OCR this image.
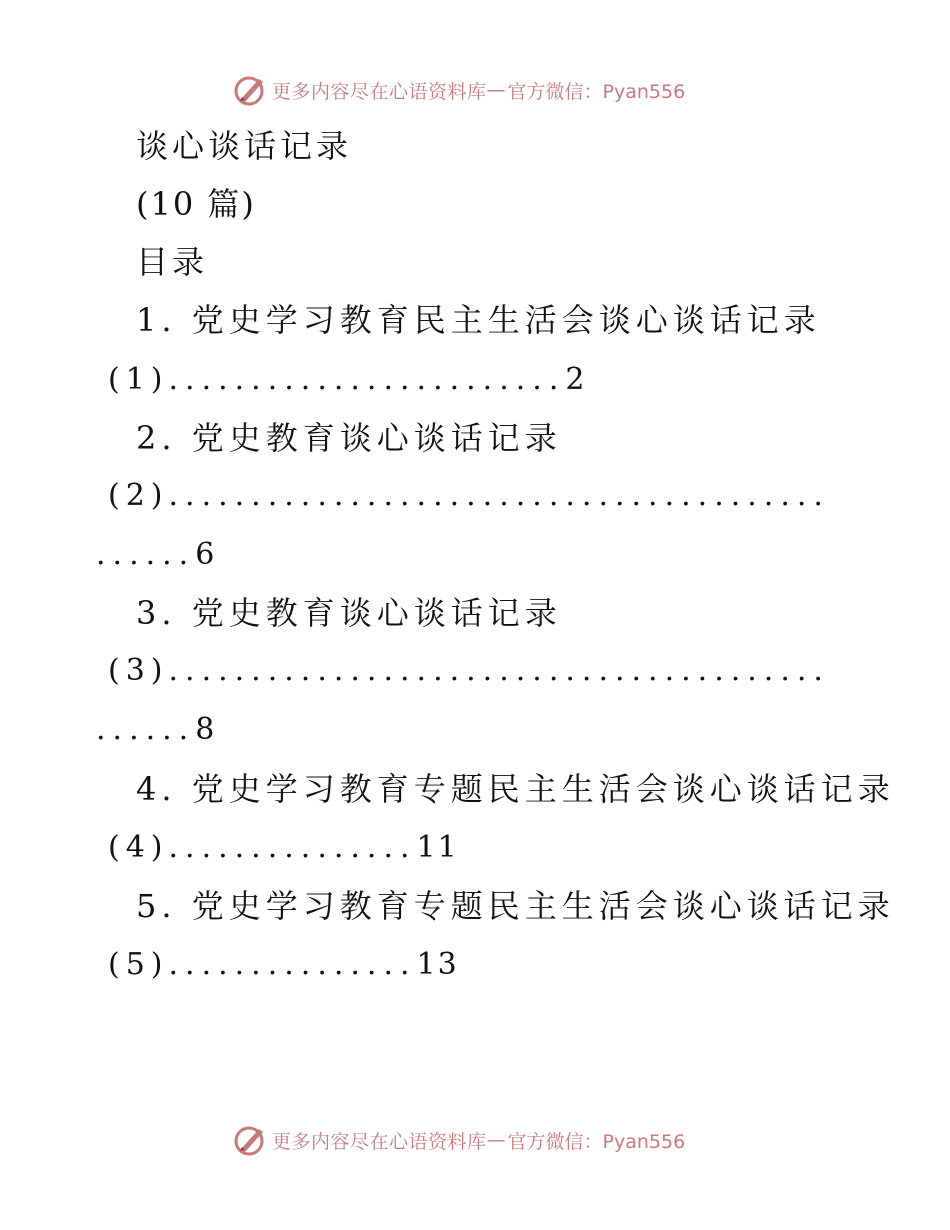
更多内容尽在心语资料库 — 官方微信：Pyan556
谈心谈话记录
(10 篇)
目录
1. 党史学习教育民主生活会谈心谈话记录
(1)........................2
2. 党史教育谈心谈话记录
(2)........................................
......6
3. 党史教育谈心谈话记录
(3)........................................
......8
4. 党史学习教育专题民主生活会谈心谈话记录
(4)...............11
5. 党史学习教育专题民主生活会谈心谈话记录
(5)...............13
更多内容尽在心语资料库 — 官方微信：Pyan556
